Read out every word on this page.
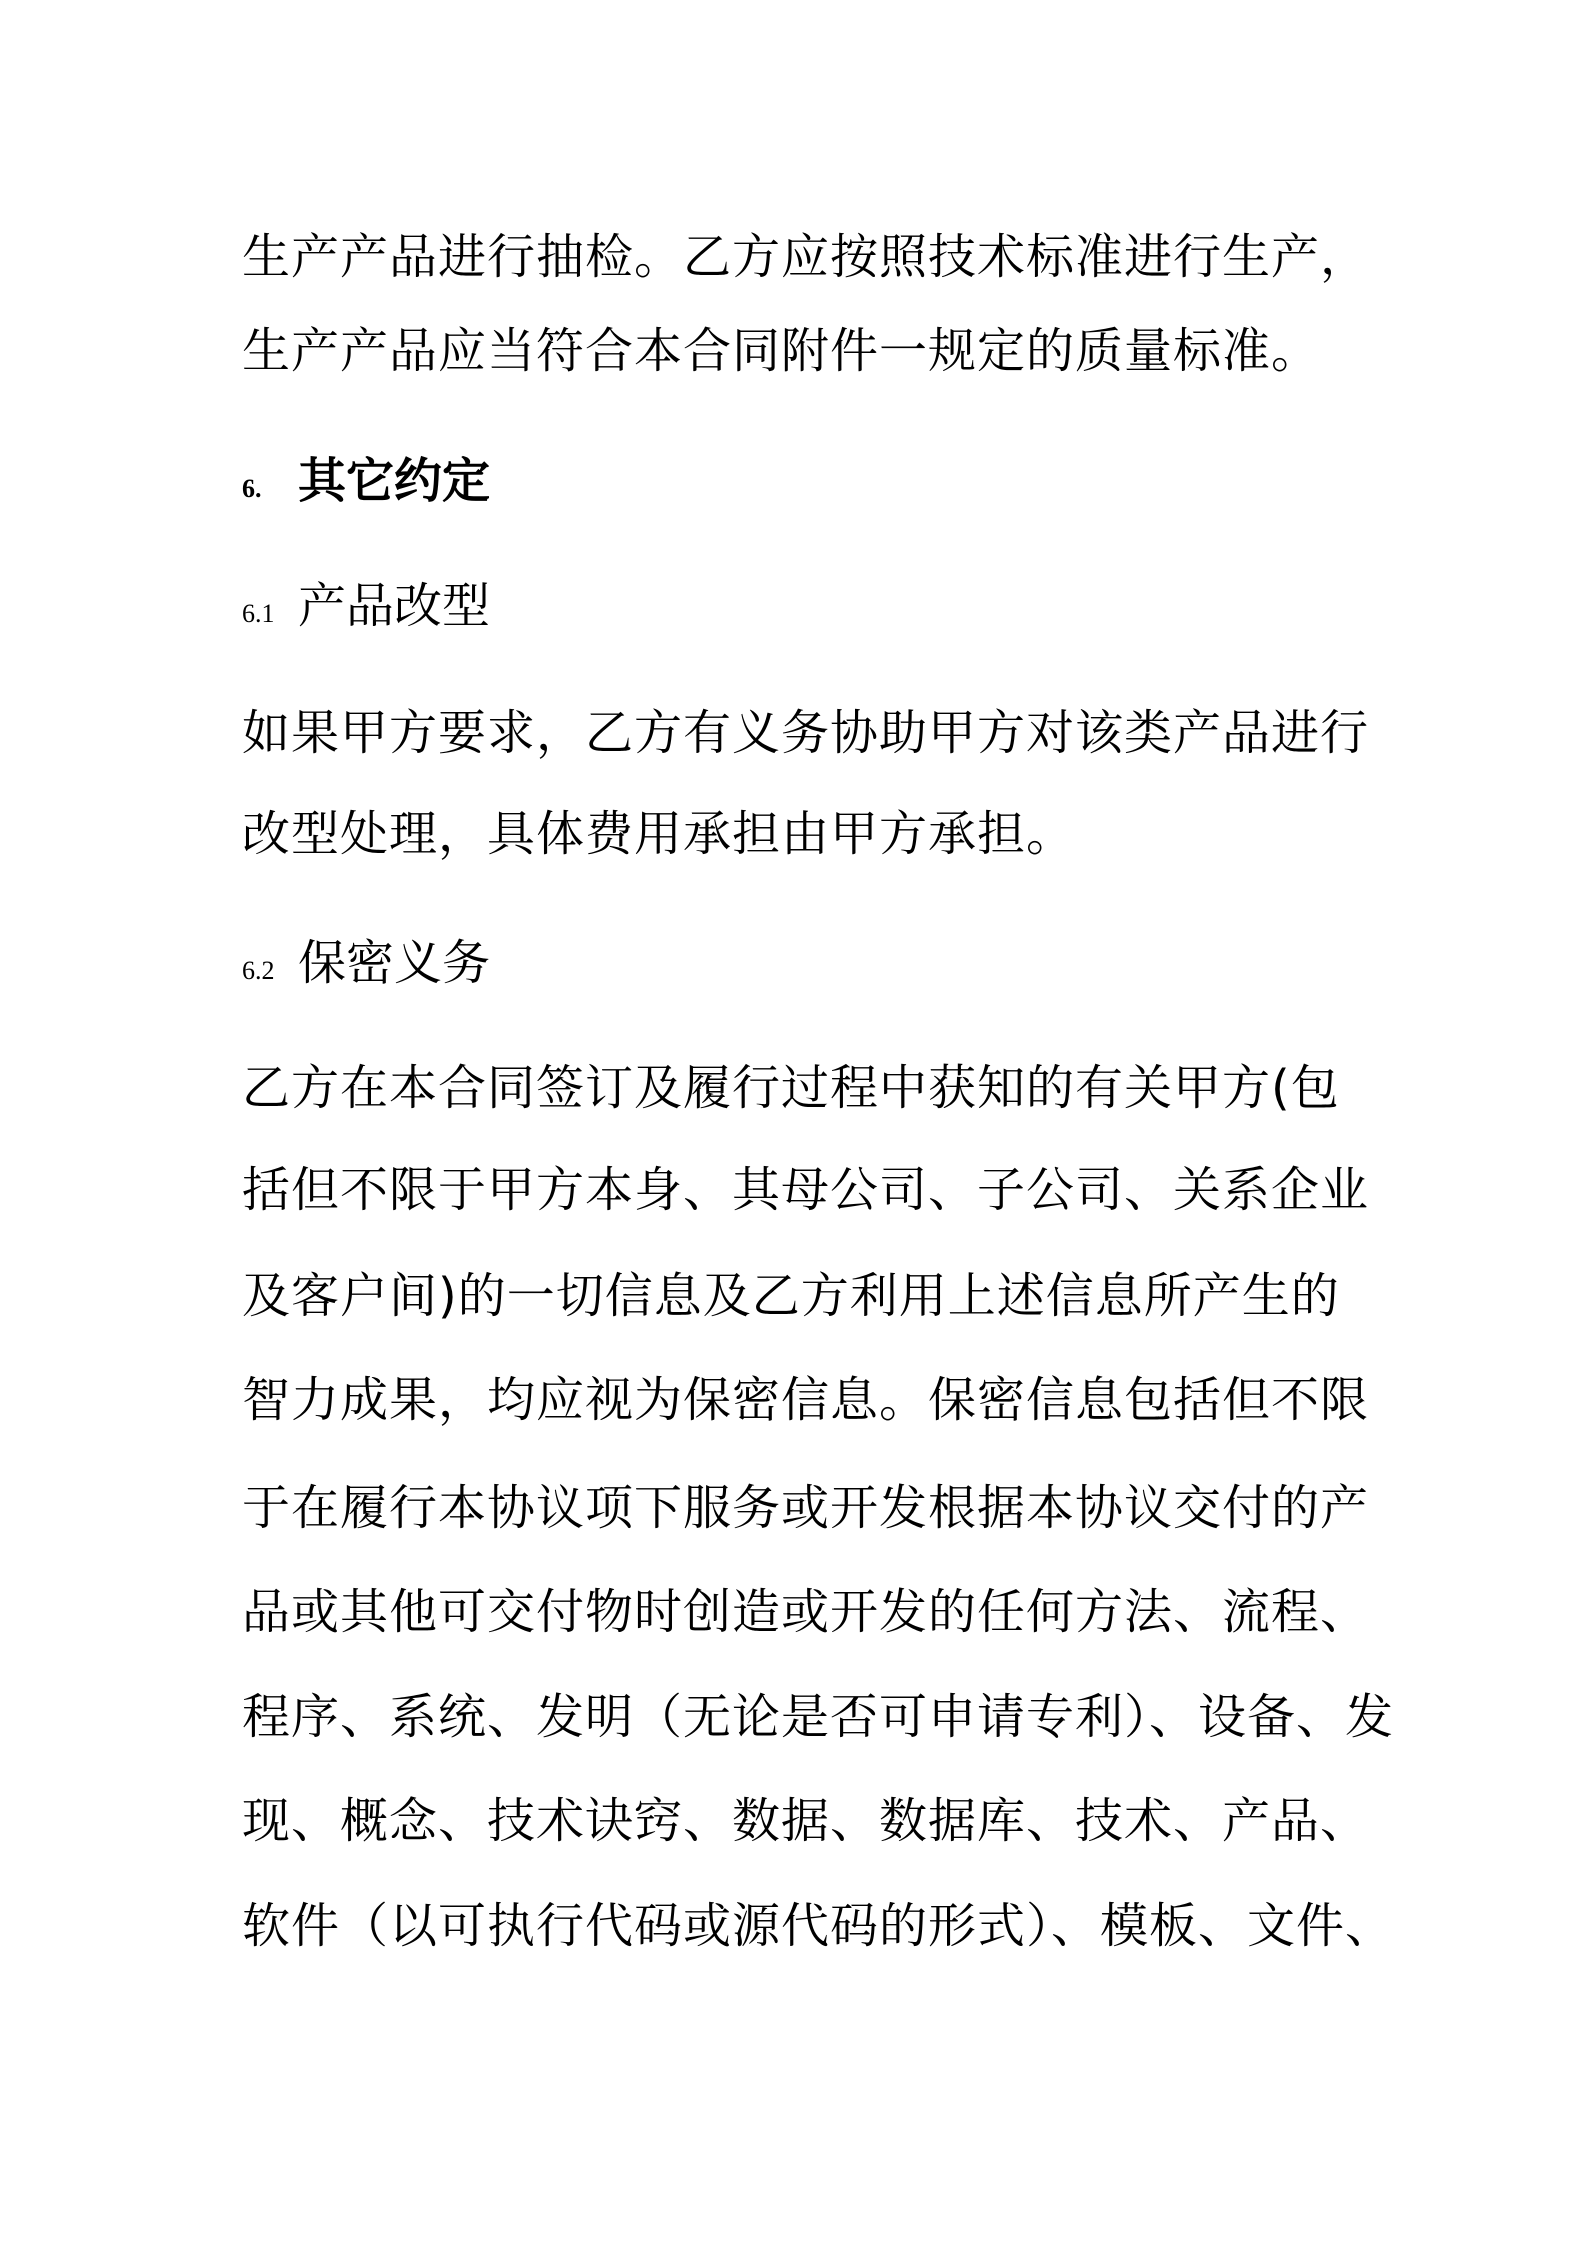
生产产品进行抽检。乙方应按照技术标准进行生产，
生产产品应当符合本合同附件一规定的质量标准。
6. 其它约定
6.1 产品改型
如果甲方要求，乙方有义务协助甲方对该类产品进行
改型处理，具体费用承担由甲方承担。
6.2 保密义务
乙方在本合同签订及履行过程中获知的有关甲方(包
括但不限于甲方本身、其母公司、子公司、关系企业
及客户间)的一切信息及乙方利用上述信息所产生的
智力成果，均应视为保密信息。保密信息包括但不限
于在履行本协议项下服务或开发根据本协议交付的产
品或其他可交付物时创造或开发的任何方法、流程、
程序、系统、发明（无论是否可申请专利）、设备、发
现、概念、技术诀窍、数据、数据库、技术、产品、
软件（以可执行代码或源代码的形式）、模板、文件、
